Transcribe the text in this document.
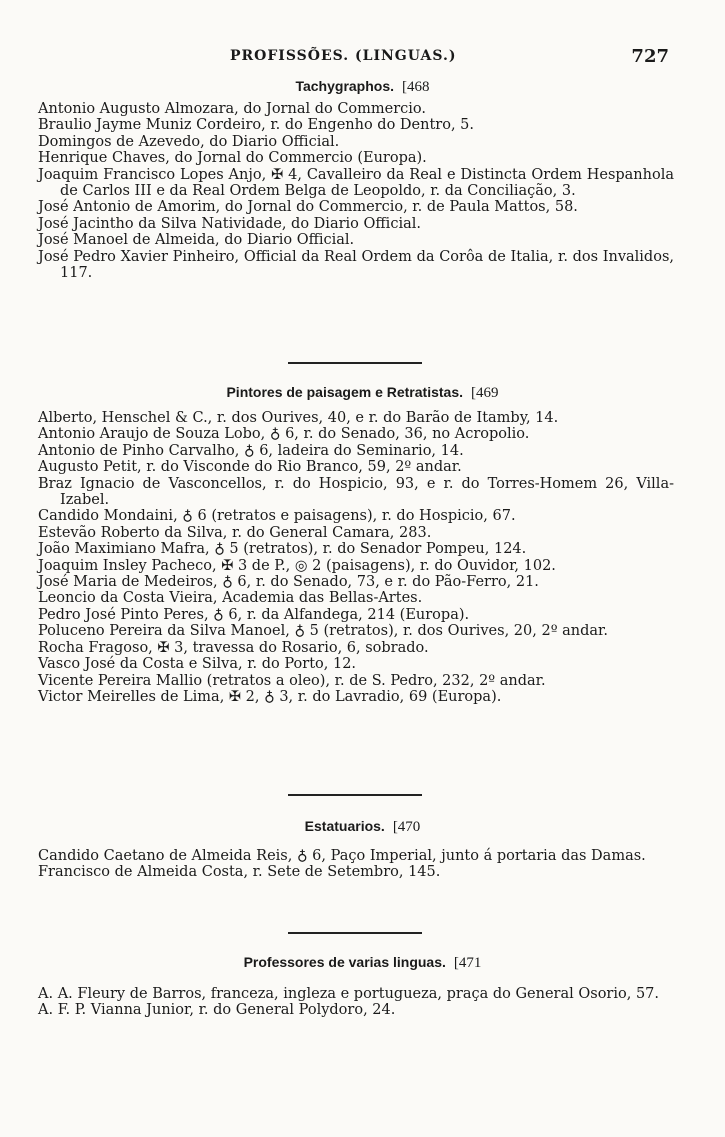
PROFISSÕES. (LINGUAS.)	727
Tachygraphos. [468

Antonio Augusto Almozara, do Jornal do Commercio.

Braulio Jayme Muniz Cordeiro, r. do Engenho do Dentro, 5.

Domingos de Azevedo, do Diario Official.

Henrique Chaves, do Jornal do Commercio (Europa).

Joaquim Francisco Lopes Anjo, ✠ 4, Cavalleiro da Real e Distincta Ordem Hespanhola de Carlos III e da Real Ordem Belga de Leopoldo, r. da Conciliação, 3.

José Antonio de Amorim, do Jornal do Commercio, r. de Paula Mattos, 58.

José Jacintho da Silva Natividade, do Diario Official.

José Manoel de Almeida, do Diario Official.

José Pedro Xavier Pinheiro, Official da Real Ordem da Corôa de Italia, r. dos Invalidos, 117.

Pintores de paisagem e Retratistas. [469

Alberto, Henschel & C., r. dos Ourives, 40, e r. do Barão de Itamby, 14.

Antonio Araujo de Souza Lobo, ♁ 6, r. do Senado, 36, no Acropolio.

Antonio de Pinho Carvalho, ♁ 6, ladeira do Seminario, 14.

Augusto Petit, r. do Visconde do Rio Branco, 59, 2º andar.

Braz Ignacio de Vasconcellos, r. do Hospicio, 93, e r. do Torres-Homem 26, Villa-Izabel.

Candido Mondaini, ♁ 6 (retratos e paisagens), r. do Hospicio, 67.

Estevão Roberto da Silva, r. do General Camara, 283.

João Maximiano Mafra, ♁ 5 (retratos), r. do Senador Pompeu, 124.

Joaquim Insley Pacheco, ✠ 3 de P., ◎ 2 (paisagens), r. do Ouvidor, 102.

José Maria de Medeiros, ♁ 6, r. do Senado, 73, e r. do Pão-Ferro, 21.

Leoncio da Costa Vieira, Academia das Bellas-Artes.

Pedro José Pinto Peres, ♁ 6, r. da Alfandega, 214 (Europa).

Poluceno Pereira da Silva Manoel, ♁ 5 (retratos), r. dos Ourives, 20, 2º andar.

Rocha Fragoso, ✠ 3, travessa do Rosario, 6, sobrado.

Vasco José da Costa e Silva, r. do Porto, 12.

Vicente Pereira Mallio (retratos a oleo), r. de S. Pedro, 232, 2º andar.

Victor Meirelles de Lima, ✠ 2, ♁ 3, r. do Lavradio, 69 (Europa).

Estatuarios. [470

Candido Caetano de Almeida Reis, ♁ 6, Paço Imperial, junto á portaria das Damas.

Francisco de Almeida Costa, r. Sete de Setembro, 145.

Professores de varias linguas. [471

A. A. Fleury de Barros, franceza, ingleza e portugueza, praça do General Osorio, 57.

A. F. P. Vianna Junior, r. do General Polydoro, 24.
